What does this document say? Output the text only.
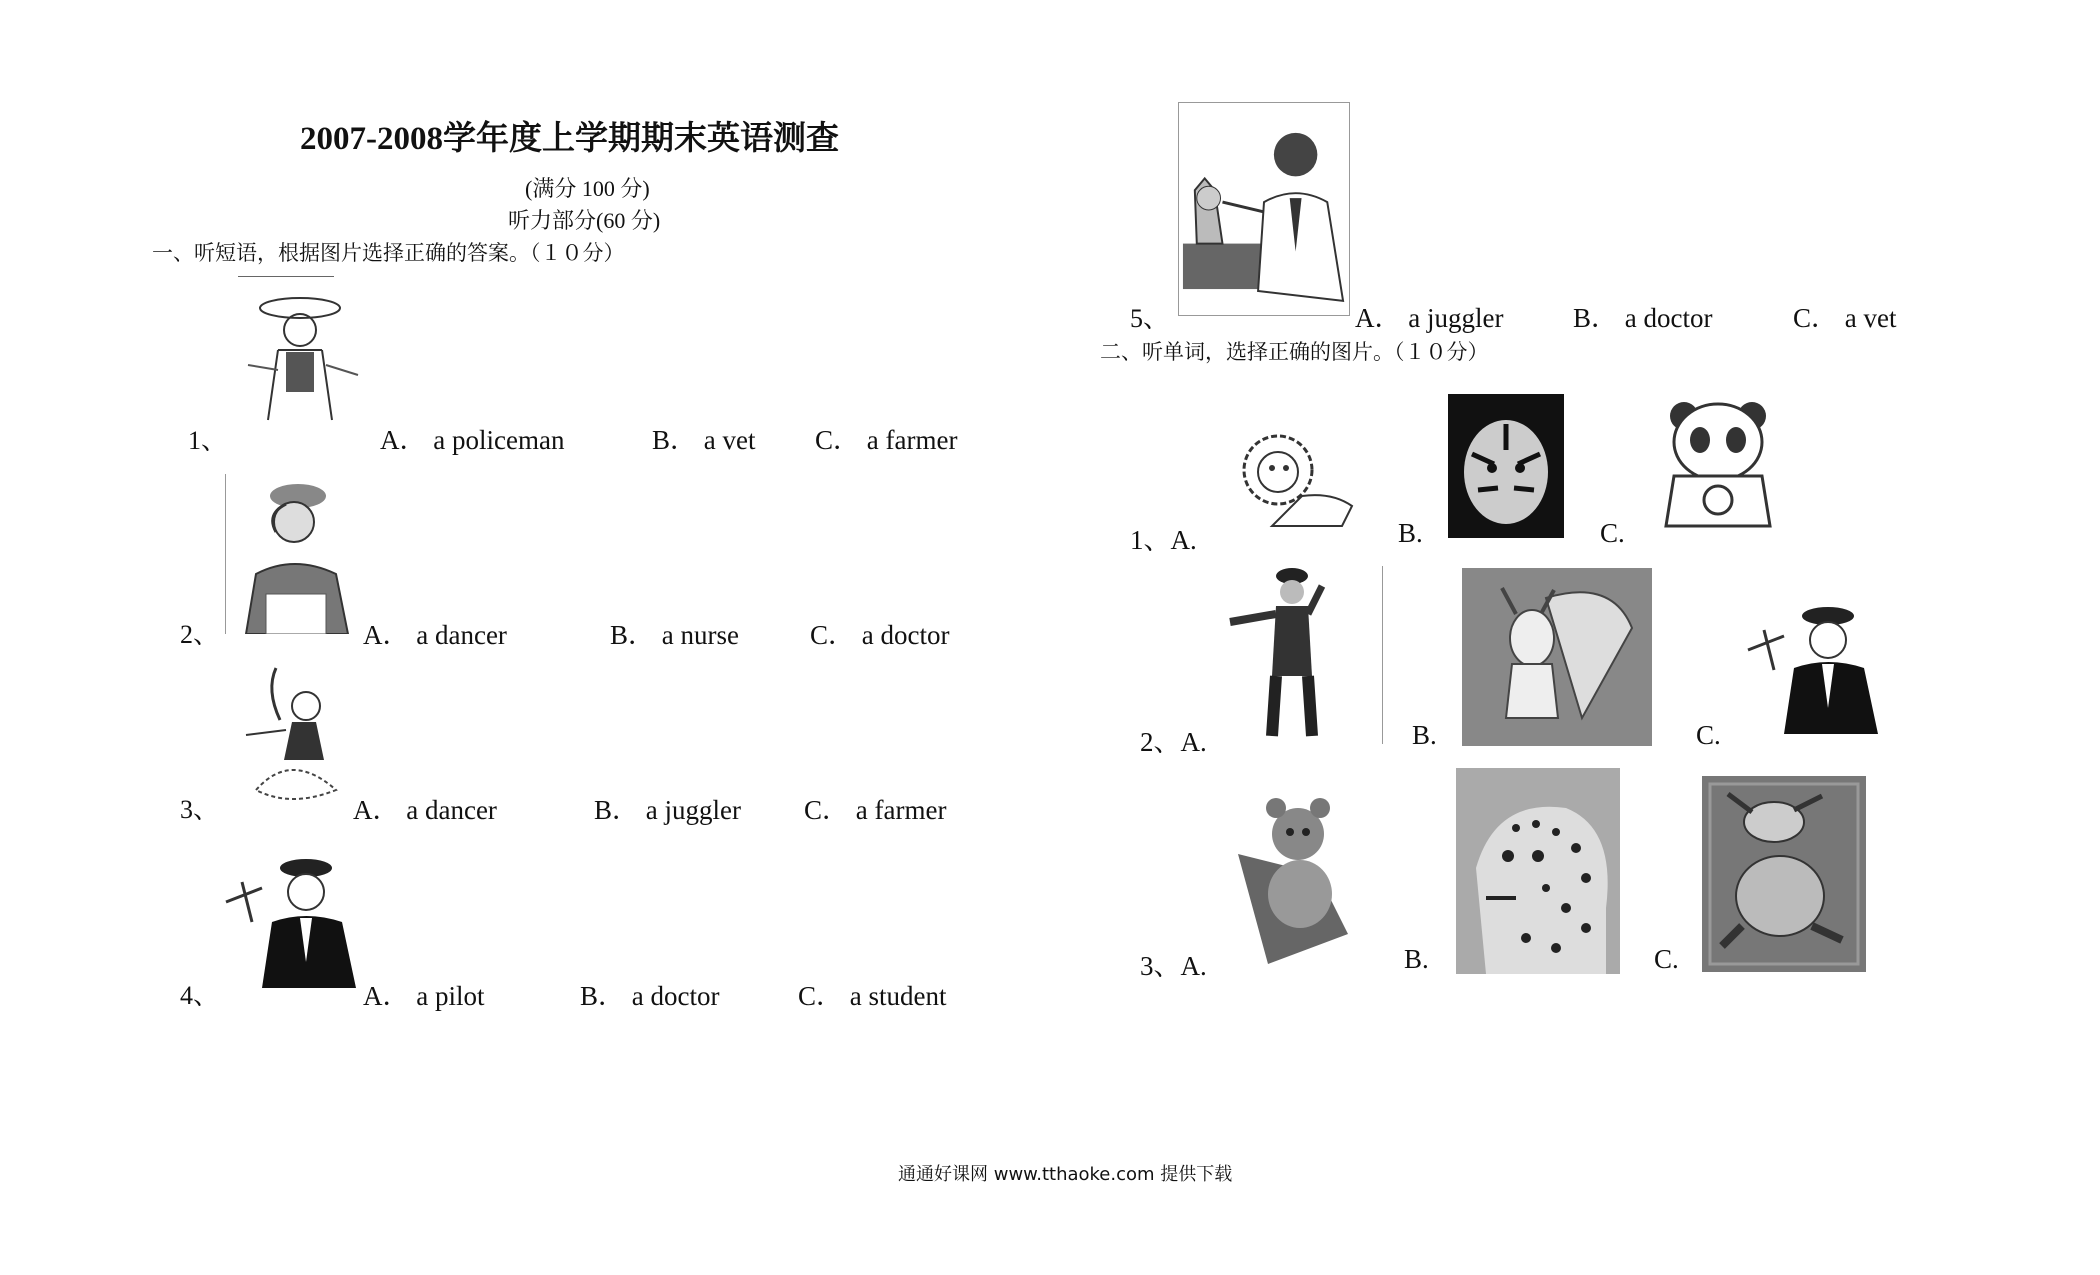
2007-2008学年度上学期期末英语测查
(满分 100 分)
听力部分(60 分)
一、听短语，根据图片选择正确的答案。（１０分）
1、	A． a policeman	B． a vet C． a farmer
2、	A． a dancer	B． a nurse	C． a doctor
3、	A． a dancer	B． a juggler C． a farmer
4、	A． a pilot	B． a doctor	C． a student
5、	A． a juggler	B． a doctor	C． a vet
二、听单词，选择正确的图片。（１０分）
1、A.	B.	C.
2、A.	B.	C.
3、A.	B.	C.
通通好课网 www.tthaoke.com 提供下载
